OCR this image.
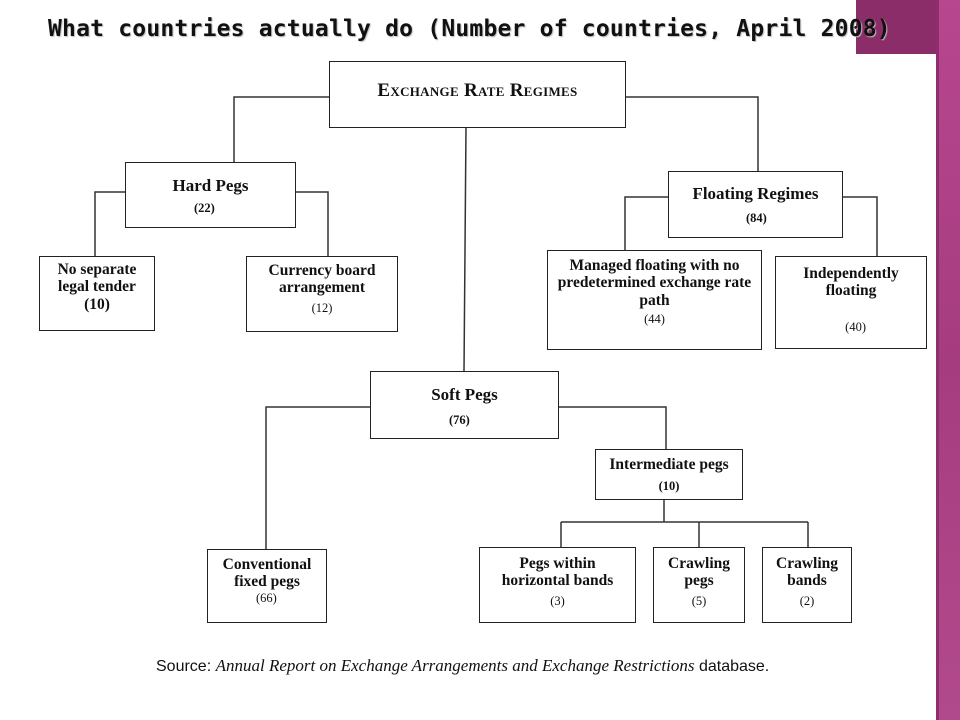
What countries actually do (Number of countries, April 2008)
Exchange Rate Regimes
Hard Pegs
(22)
Floating Regimes
(84)
No separate
legal tender
(10)
Currency board
arrangement
(12)
Managed floating with no
predetermined exchange rate
path
(44)
Independently
floating
(40)
Soft Pegs
(76)
Intermediate pegs
(10)
Conventional
fixed pegs
(66)
Pegs within
horizontal bands
(3)
Crawling
pegs
(5)
Crawling
bands
(2)
Source: Annual Report on Exchange Arrangements and Exchange Restrictions database.
